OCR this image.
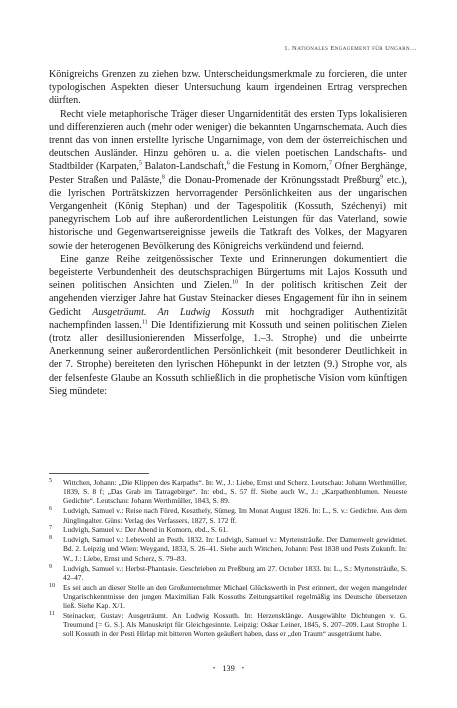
1. Nationales Engagement für Ungarn…

Königreichs Grenzen zu ziehen bzw. Unterscheidungsmerkmale zu forcieren, die unter typologischen Aspekten dieser Untersuchung kaum irgendeinen Ertrag versprechen dürften.

Recht viele metaphorische Träger dieser Ungarnidentität des ersten Typs lokalisieren und differenzieren auch (mehr oder weniger) die bekannten Ungarnschemata. Auch dies trennt das von innen erstellte lyrische Ungarnimage, von dem der österreichischen und deutschen Ausländer. Hinzu gehören u. a. die vielen poetischen Landschafts- und Stadtbilder (Karpaten,$^5$ Balaton-Landschaft,$^6$ die Festung in Komorn,$^7$ Ofner Berghänge, Pester Straßen und Paläste,$^8$ die Donau-Promenade der Krönungsstadt Preßburg$^9$ etc.), die lyrischen Porträtskizzen hervorragender Persönlichkeiten aus der ungarischen Vergangenheit (König Stephan) und der Tagespolitik (Kossuth, Széchenyi) mit panegyrischem Lob auf ihre außerordentlichen Leistungen für das Vaterland, sowie historische und Gegenwartsereignisse jeweils die Tatkraft des Volkes, der Magyaren sowie der heterogenen Bevölkerung des Königreichs verkündend und feiernd.

Eine ganze Reihe zeitgenössischer Texte und Erinnerungen dokumentiert die begeisterte Verbundenheit des deutschsprachigen Bürgertums mit Lajos Kossuth und seinen politischen Ansichten und Zielen.$^{10}$ In der politisch kritischen Zeit der angehenden vierziger Jahre hat Gustav Steinacker dieses Engagement für ihn in seinem Gedicht Ausgeträumt. An Ludwig Kossuth mit hochgradiger Authentizität nachempfinden lassen.$^{11}$ Die Identifizierung mit Kossuth und seinen politischen Zielen (trotz aller desillusionierenden Misserfolge, 1.–3. Strophe) und die unbeirrte Anerkennung seiner außerordentlichen Persönlichkeit (mit besonderer Deutlichkeit in der 7. Strophe) bereiteten den lyrischen Höhepunkt in der letzten (9.) Strophe vor, als der felsenfeste Glaube an Kossuth schließlich in die prophetische Vision vom künftigen Sieg mündete:

5	Wittchen, Johann: „Die Klippen des Karpaths“. In: W., J.: Liebe, Ernst und Scherz. Leutschau: Johann Werthmüller, 1839, S. 8 f; „Das Grab im Tatragebirge“. In: ebd., S. 57 ff. Siehe auch W., J.: „Karpathenblumen. Neueste Gedichte“. Leutschau: Johann Werthmüller, 1843, S. 89.
6	Ludvigh, Samuel v.: Reise nach Füred, Keszthely, Sümeg. Im Monat August 1826. In: L., S. v.: Gedichte. Aus dem Jünglingalter. Güns: Verlag des Verfassers, 1827, S. 172 ff.
7	Ludvigh, Samuel v.: Der Abend in Komorn, ebd., S. 61.
8	Ludvigh, Samuel v.: Lebewohl an Pesth. 1832. In: Ludvigh, Samuel v.: Myrtensträuße. Der Damenwelt gewidmet. Bd. 2. Leipzig und Wien: Weygand, 1833, S. 26–41. Siehe auch Wittchen, Johann: Pest 1838 und Pests Zukunft. In: W., J.: Liebe, Ernst und Scherz, S. 79–83.
9	Ludvigh, Samuel v.: Herbst-Phantasie. Geschrieben zu Preßburg am 27. October 1833. In: L., S.: Myrtensträuße, S. 42–47.
10	Es sei auch an dieser Stelle an den Großunternehmer Michael Glückswerth in Pest erinnert, der wegen mangelnder Ungarischkenntnisse den jungen Maximilian Falk Kossuths Zeitungsartikel regelmäßig ins Deutsche übersetzen ließ. Siehe Kap. X/1.
11	Steinacker, Gustav: Ausgeträumt. An Ludwig Kossuth. In: Herzensklänge. Ausgewählte Dichtungen v. G. Treumund [= G. S.]. Als Manuskript für Gleichgesinnte. Leipzig: Oskar Leiner, 1845, S. 207–209. Laut Strophe 1. soll Kossuth in der Pesti Hírlap mit bitteren Worten geäußert haben, dass er „den Traum“ ausgeträumt habe.
• 139 •
